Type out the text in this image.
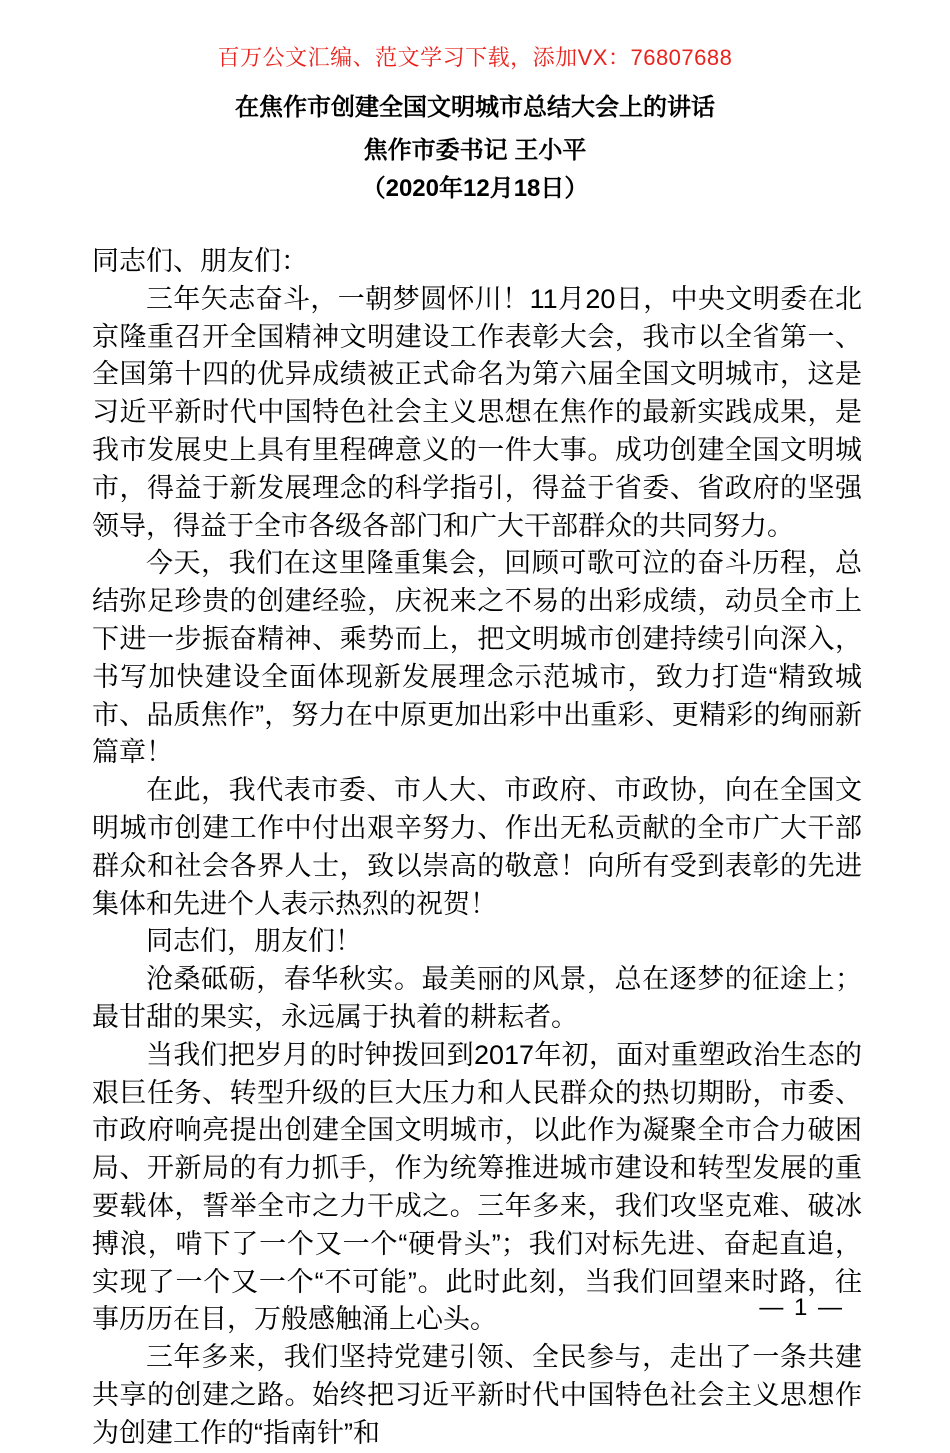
百万公文汇编、范文学习下载，添加VX：76807688
在焦作市创建全国文明城市总结大会上的讲话
焦作市委书记 王小平
（2020年12月18日）

同志们、朋友们：

三年矢志奋斗，一朝梦圆怀川！11月20日，中央文明委在北京隆重召开全国精神文明建设工作表彰大会，我市以全省第一、全国第十四的优异成绩被正式命名为第六届全国文明城市，这是习近平新时代中国特色社会主义思想在焦作的最新实践成果，是我市发展史上具有里程碑意义的一件大事。成功创建全国文明城市，得益于新发展理念的科学指引，得益于省委、省政府的坚强领导，得益于全市各级各部门和广大干部群众的共同努力。

今天，我们在这里隆重集会，回顾可歌可泣的奋斗历程，总结弥足珍贵的创建经验，庆祝来之不易的出彩成绩，动员全市上下进一步振奋精神、乘势而上，把文明城市创建持续引向深入，书写加快建设全面体现新发展理念示范城市，致力打造“精致城市、品质焦作”，努力在中原更加出彩中出重彩、更精彩的绚丽新篇章！

在此，我代表市委、市人大、市政府、市政协，向在全国文明城市创建工作中付出艰辛努力、作出无私贡献的全市广大干部群众和社会各界人士，致以崇高的敬意！向所有受到表彰的先进集体和先进个人表示热烈的祝贺！

同志们，朋友们！

沧桑砥砺，春华秋实。最美丽的风景，总在逐梦的征途上；最甘甜的果实，永远属于执着的耕耘者。

当我们把岁月的时钟拨回到2017年初，面对重塑政治生态的艰巨任务、转型升级的巨大压力和人民群众的热切期盼，市委、市政府响亮提出创建全国文明城市，以此作为凝聚全市合力破困局、开新局的有力抓手，作为统筹推进城市建设和转型发展的重要载体，誓举全市之力干成之。三年多来，我们攻坚克难、破冰搏浪，啃下了一个又一个“硬骨头”；我们对标先进、奋起直追，实现了一个又一个“不可能”。此时此刻，当我们回望来时路，往事历历在目，万般感触涌上心头。

三年多来，我们坚持党建引领、全民参与，走出了一条共建共享的创建之路。始终把习近平新时代中国特色社会主义思想作为创建工作的“指南针”和

— 1 —
